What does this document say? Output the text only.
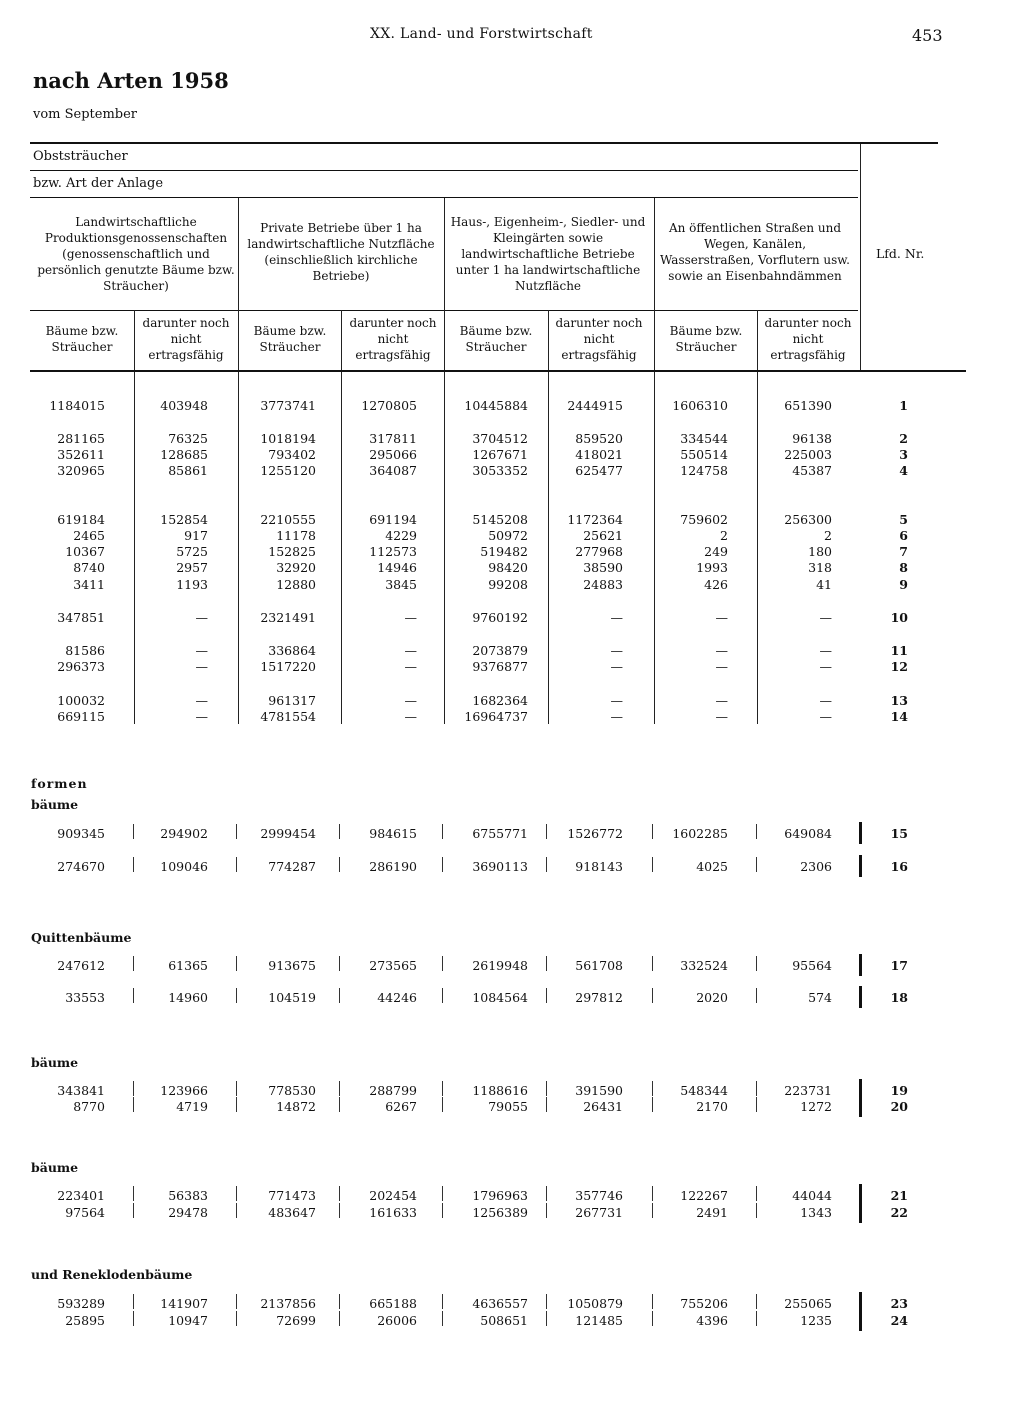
XX. Land- und Forstwirtschaft	453
nach Arten 1958
vom September
Obststräucher
bzw. Art der Anlage
Landwirtschaftliche Produktionsgenossenschaften (genossenschaftlich und persönlich genutzte Bäume bzw. Sträucher)
Private Betriebe über 1 ha landwirtschaftliche Nutzfläche (einschließlich kirchliche Betriebe)
Haus-, Eigenheim-, Siedler- und Kleingärten sowie landwirtschaftliche Betriebe unter 1 ha landwirtschaftliche Nutzfläche
An öffentlichen Straßen und Wegen, Kanälen, Wasserstraßen, Vorflutern usw. sowie an Eisenbahndämmen
Lfd. Nr.
Bäume bzw. Sträucher
darunter noch nicht ertragsfähig
Bäume bzw. Sträucher
darunter noch nicht ertragsfähig
Bäume bzw. Sträucher
darunter noch nicht ertragsfähig
Bäume bzw. Sträucher
darunter noch nicht ertragsfähig
formen
bäume
Quittenbäume
bäume
bäume
und Reneklodenbäume
1184015	403948	3773741	1270805	10445884	2444915	1606310	651390	1
281165	76325	1018194	317811	3704512	859520	334544	96138	2
352611	128685	793402	295066	1267671	418021	550514	225003	3
320965	85861	1255120	364087	3053352	625477	124758	45387	4
619184	152854	2210555	691194	5145208	1172364	759602	256300	5
2465	917	11178	4229	50972	25621	2	2	6
10367	5725	152825	112573	519482	277968	249	180	7
8740	2957	32920	14946	98420	38590	1993	318	8
3411	1193	12880	3845	99208	24883	426	41	9
347851	—	2321491	—	9760192	—	—	—	10
81586	—	336864	—	2073879	—	—	—	11
296373	—	1517220	—	9376877	—	—	—	12
100032	—	961317	—	1682364	—	—	—	13
669115	—	4781554	—	16964737	—	—	—	14
909345	294902	2999454	984615	6755771	1526772	1602285	649084	15
274670	109046	774287	286190	3690113	918143	4025	2306	16
247612	61365	913675	273565	2619948	561708	332524	95564	17
33553	14960	104519	44246	1084564	297812	2020	574	18
343841	123966	778530	288799	1188616	391590	548344	223731	19
8770	4719	14872	6267	79055	26431	2170	1272	20
223401	56383	771473	202454	1796963	357746	122267	44044	21
97564	29478	483647	161633	1256389	267731	2491	1343	22
593289	141907	2137856	665188	4636557	1050879	755206	255065	23
25895	10947	72699	26006	508651	121485	4396	1235	24
